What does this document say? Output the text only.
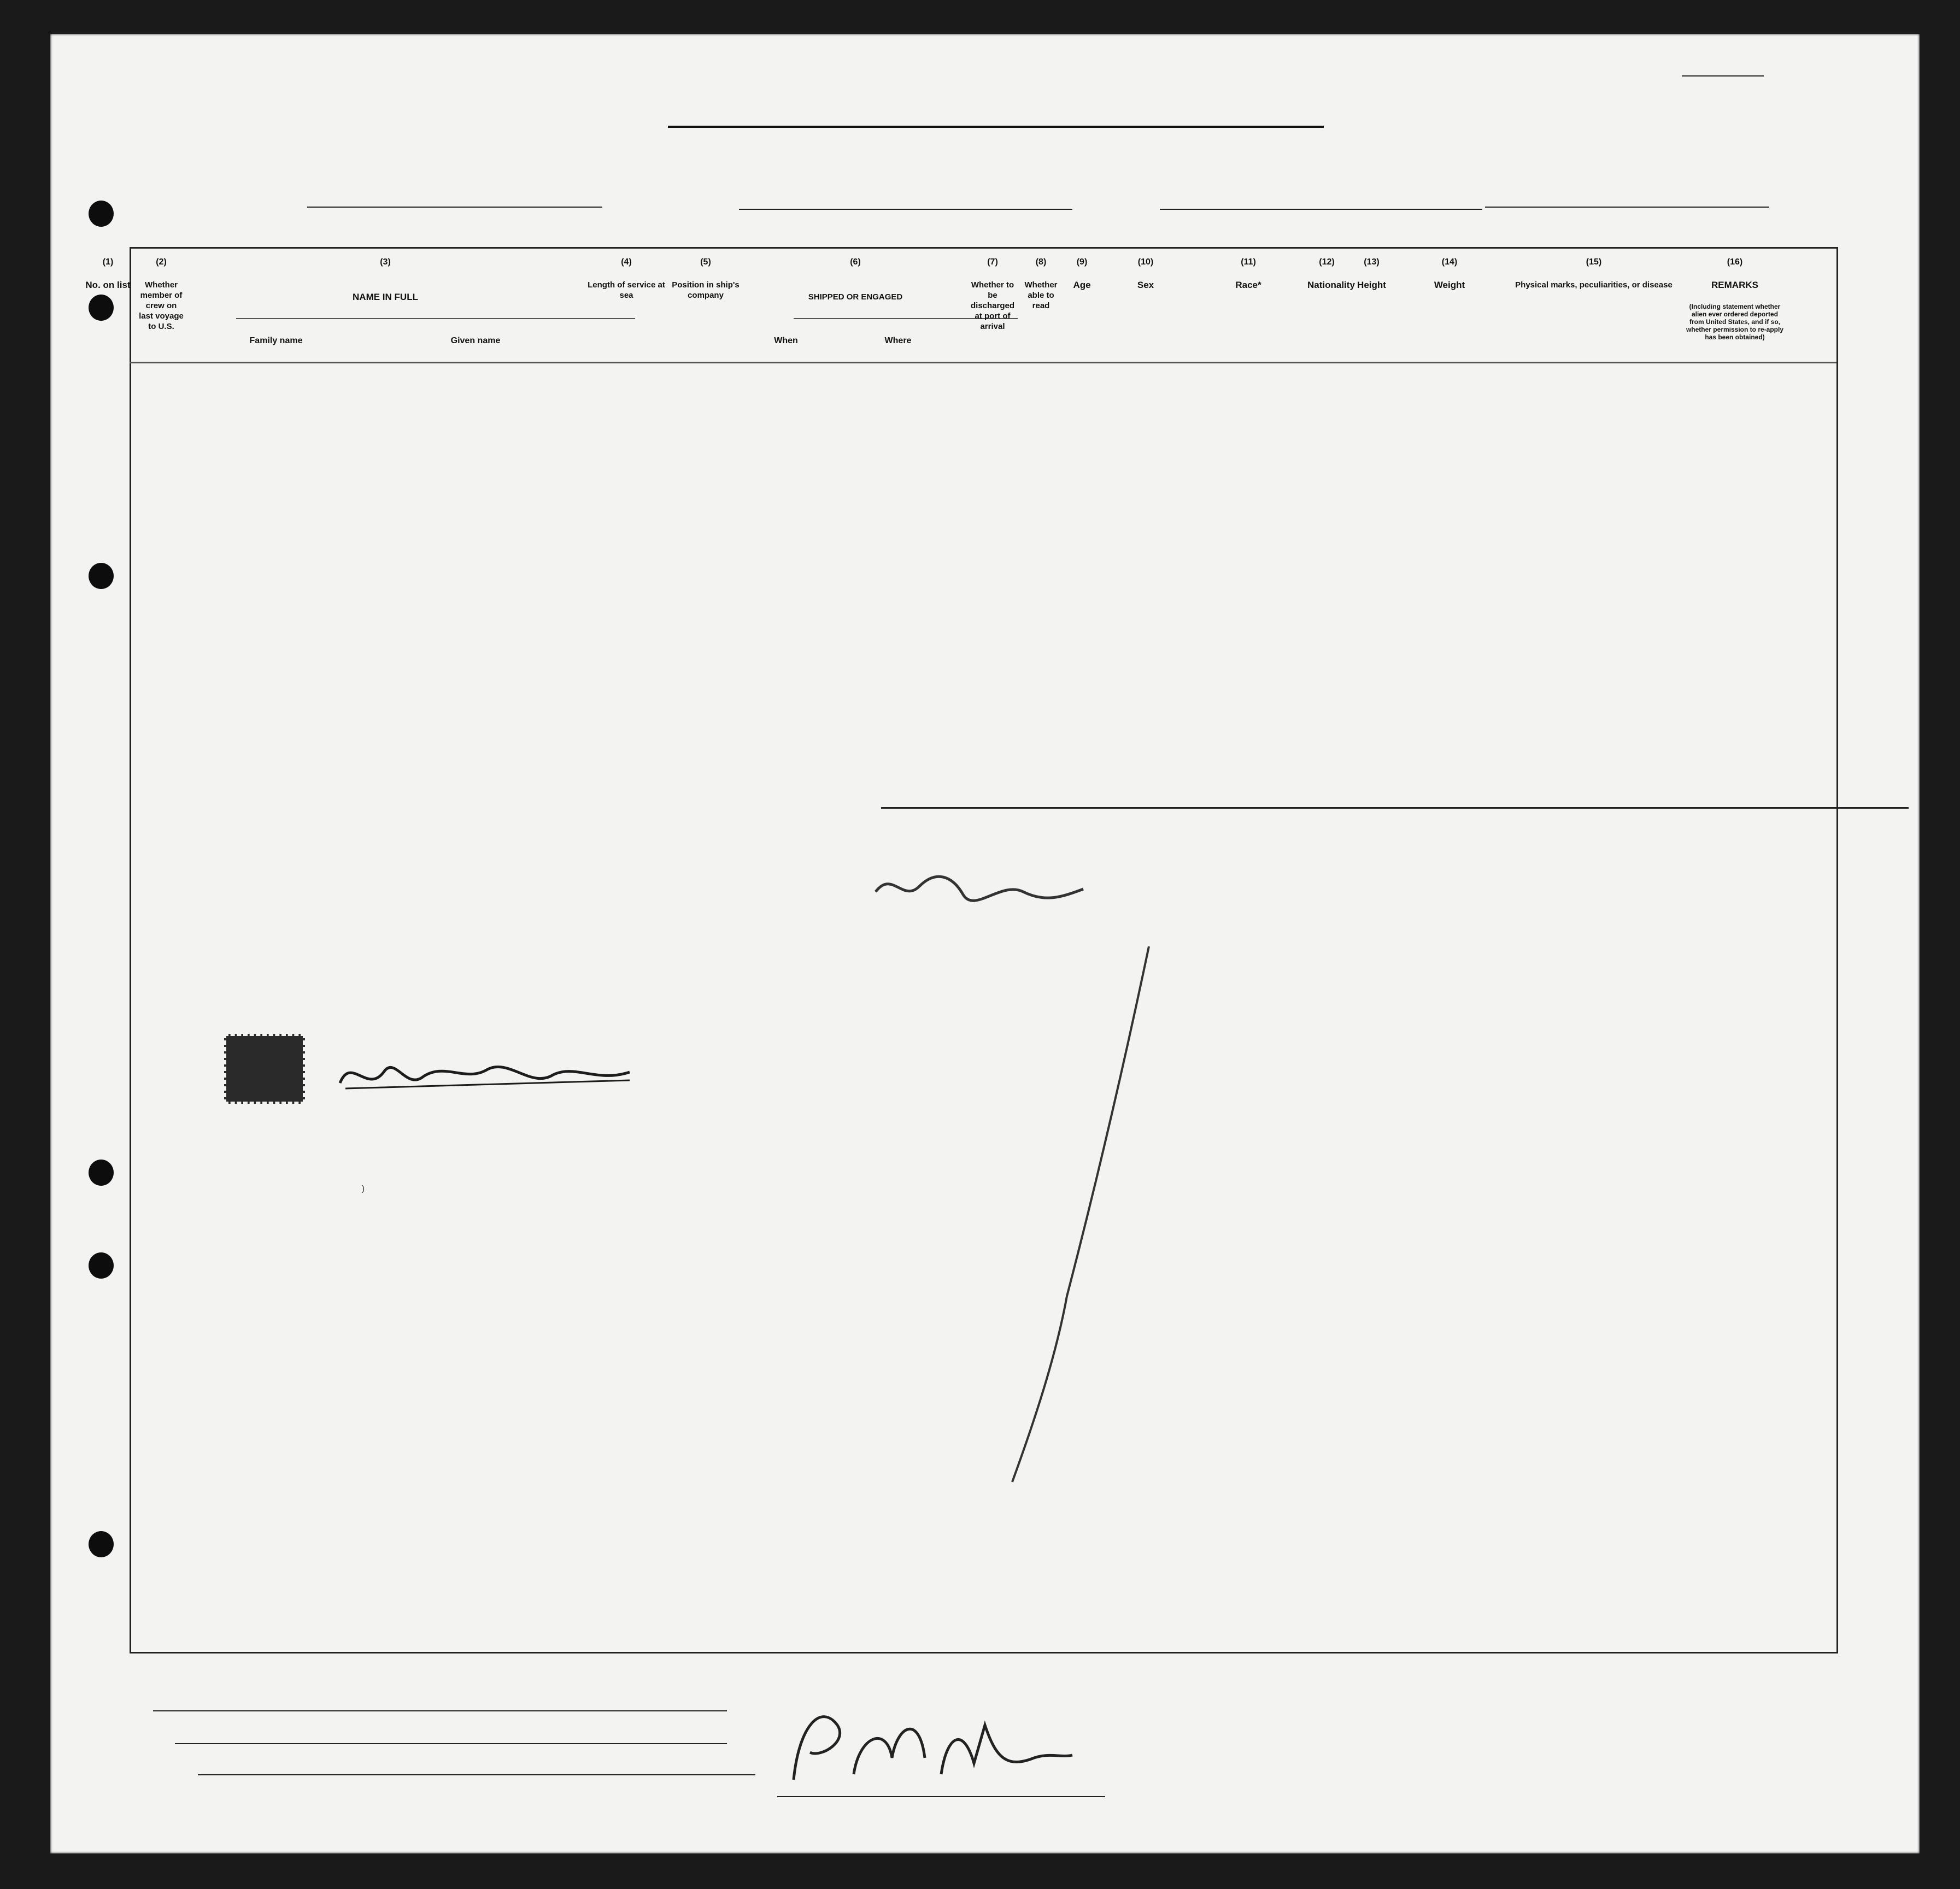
(1)
No. on list
(2)
Whether member of crew on last voyage to U.S.
(3)
NAME IN FULL
Family name	Given name
(4)
Length of service at sea
(5)
Position in ship's company
(6)
SHIPPED OR ENGAGED
When	Where
(7)
Whether to be discharged at port of arrival
(8)
Whether able to read
(9)
Age
(10)
Sex
(11)
Race*
(12)
Nationality
(13)
Height
(14)
Weight
(15)
Physical marks, peculiarities, or disease
(16)
REMARKS
(Including statement whether alien ever ordered deported from United States, and if so, whether permission to re-apply has been obtained)
)
